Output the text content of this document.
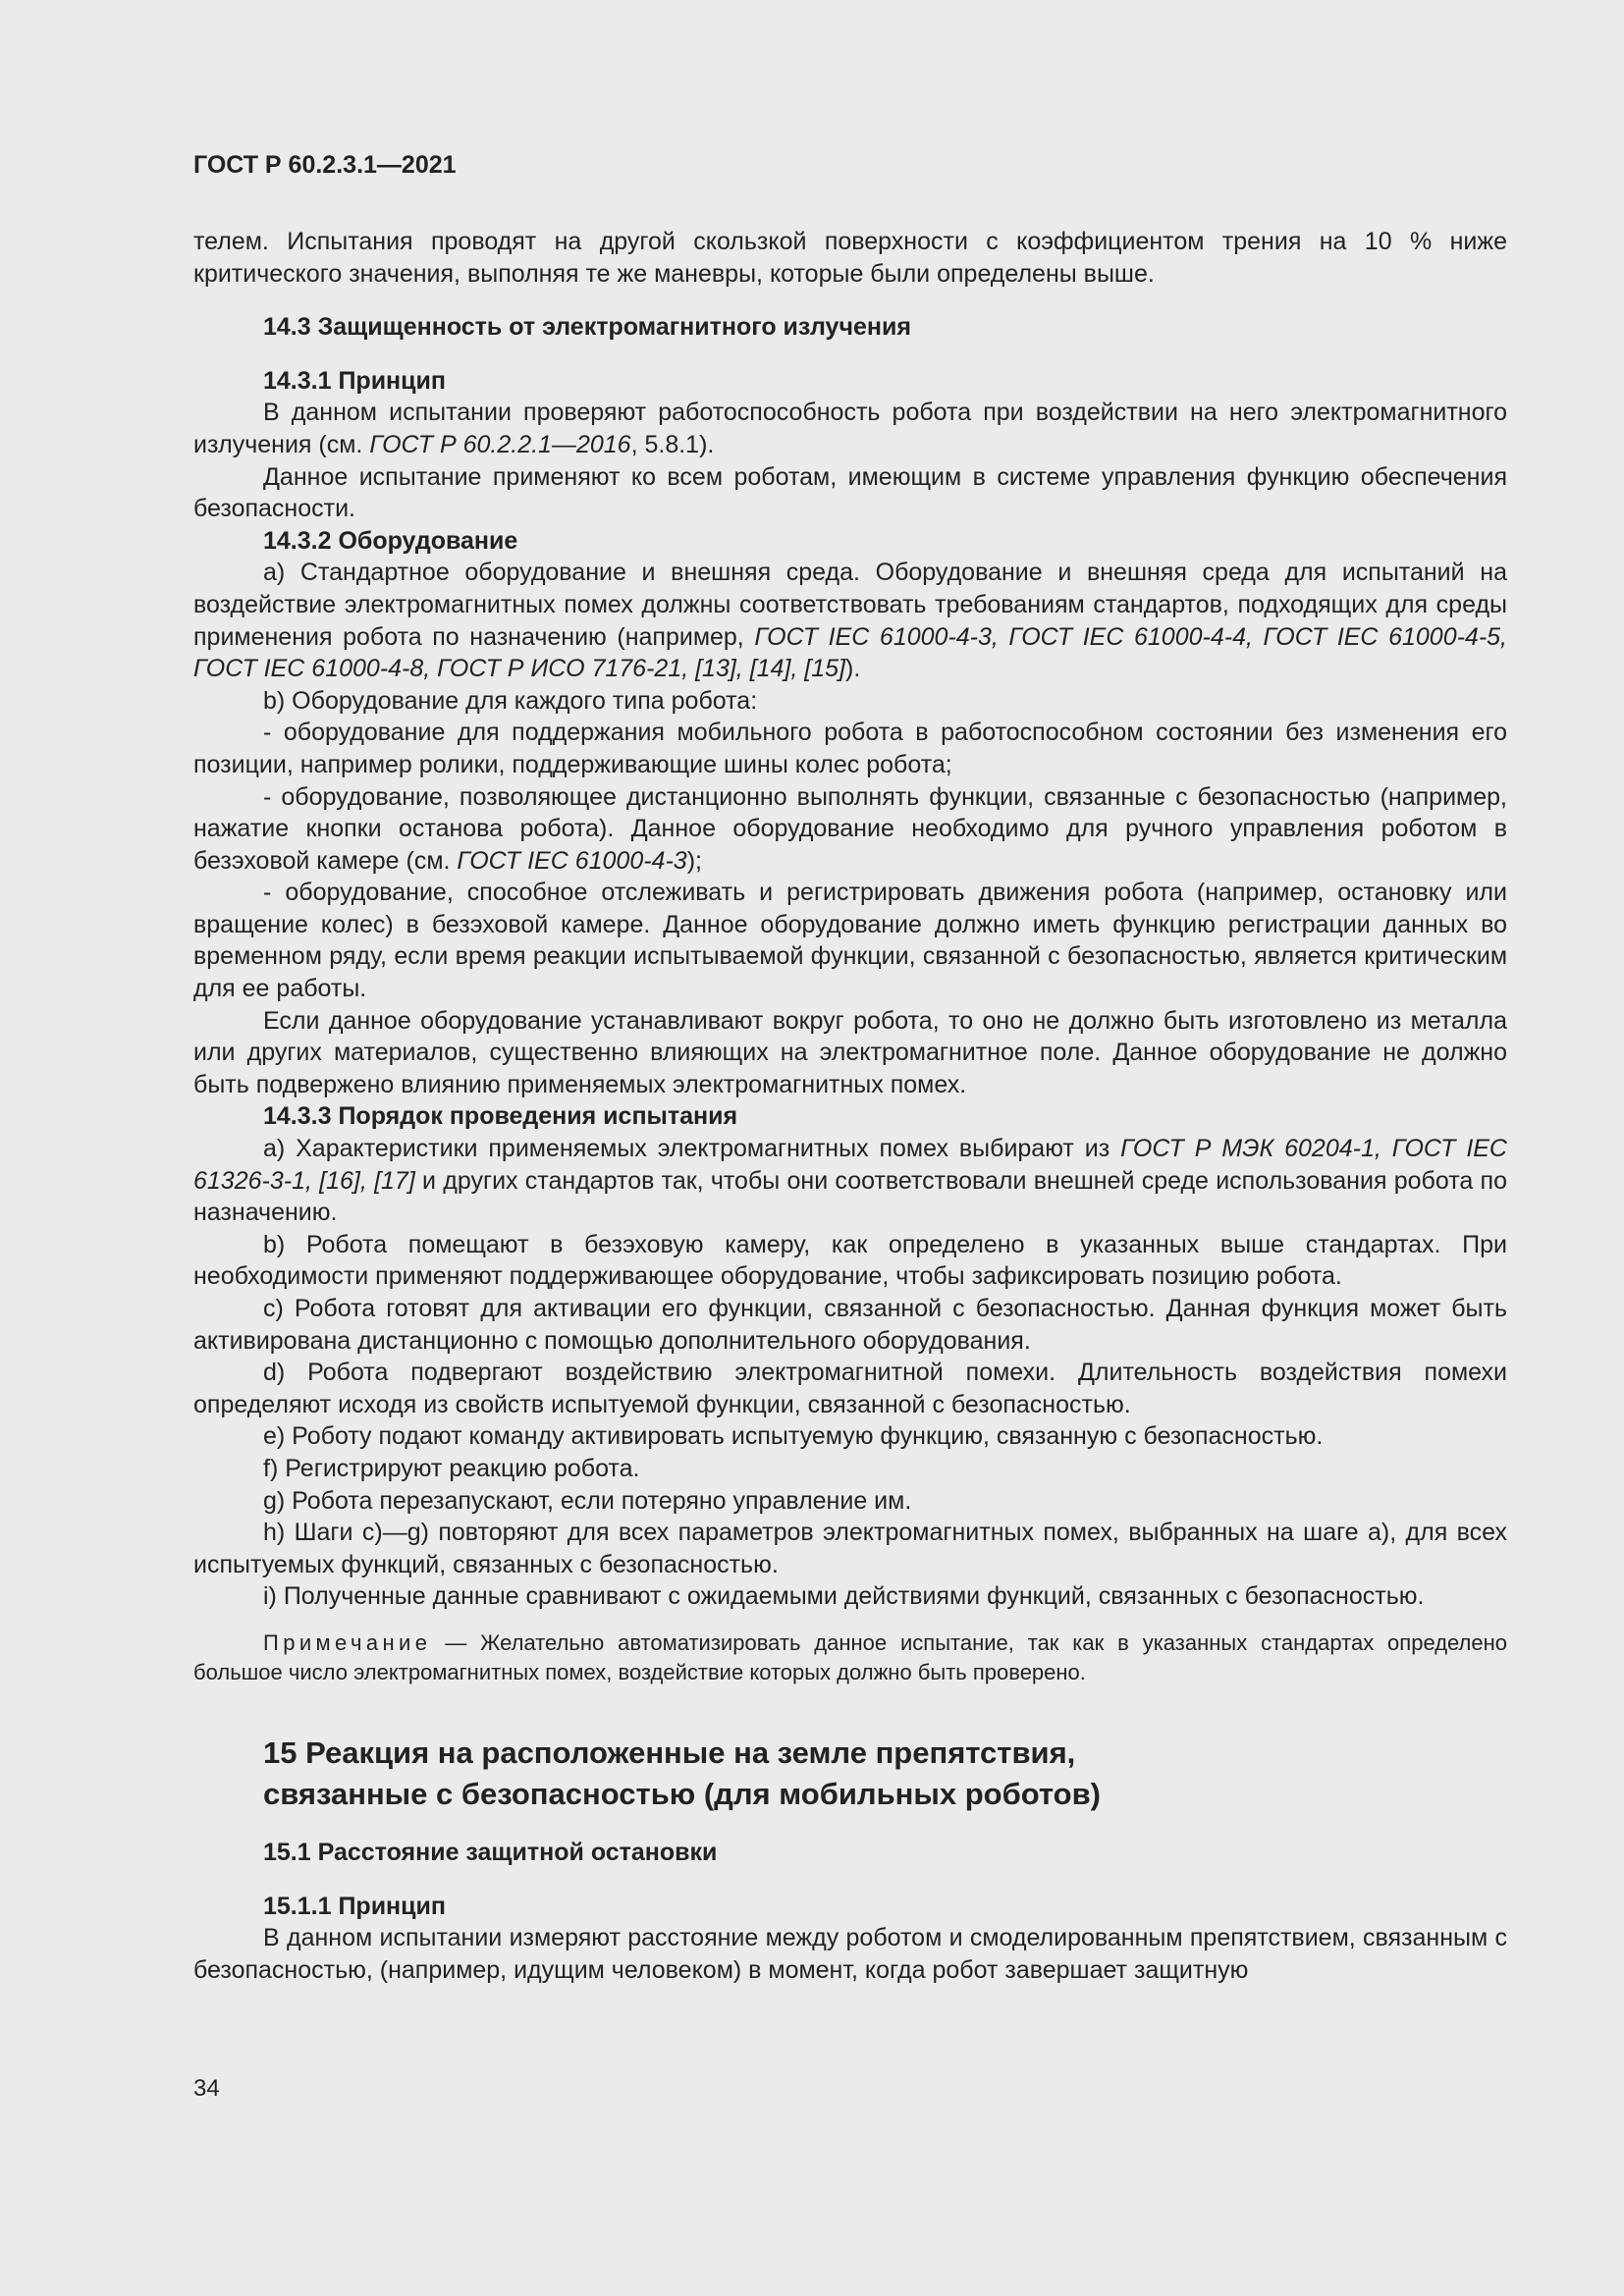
ГОСТ Р 60.2.3.1—2021

телем. Испытания проводят на другой скользкой поверхности с коэффициентом трения на 10 % ниже критического значения, выполняя те же маневры, которые были определены выше.

14.3 Защищенность от электромагнитного излучения

14.3.1 Принцип

В данном испытании проверяют работоспособность робота при воздействии на него электромагнитного излучения (см. ГОСТ Р 60.2.2.1—2016, 5.8.1).

Данное испытание применяют ко всем роботам, имеющим в системе управления функцию обеспечения безопасности.

14.3.2 Оборудование

a) Стандартное оборудование и внешняя среда. Оборудование и внешняя среда для испытаний на воздействие электромагнитных помех должны соответствовать требованиям стандартов, подходящих для среды применения робота по назначению (например, ГОСТ IEC 61000-4-3, ГОСТ IEC 61000-4-4, ГОСТ IEC 61000-4-5, ГОСТ IEC 61000-4-8, ГОСТ Р ИСО 7176-21, [13], [14], [15]).

b) Оборудование для каждого типа робота:

- оборудование для поддержания мобильного робота в работоспособном состоянии без изменения его позиции, например ролики, поддерживающие шины колес робота;

- оборудование, позволяющее дистанционно выполнять функции, связанные с безопасностью (например, нажатие кнопки останова робота). Данное оборудование необходимо для ручного управления роботом в безэховой камере (см. ГОСТ IEC 61000-4-3);

- оборудование, способное отслеживать и регистрировать движения робота (например, остановку или вращение колес) в безэховой камере. Данное оборудование должно иметь функцию регистрации данных во временном ряду, если время реакции испытываемой функции, связанной с безопасностью, является критическим для ее работы.

Если данное оборудование устанавливают вокруг робота, то оно не должно быть изготовлено из металла или других материалов, существенно влияющих на электромагнитное поле. Данное оборудование не должно быть подвержено влиянию применяемых электромагнитных помех.

14.3.3 Порядок проведения испытания

a) Характеристики применяемых электромагнитных помех выбирают из ГОСТ Р МЭК 60204-1, ГОСТ IEC 61326-3-1, [16], [17] и других стандартов так, чтобы они соответствовали внешней среде использования робота по назначению.

b) Робота помещают в безэховую камеру, как определено в указанных выше стандартах. При необходимости применяют поддерживающее оборудование, чтобы зафиксировать позицию робота.

c) Робота готовят для активации его функции, связанной с безопасностью. Данная функция может быть активирована дистанционно с помощью дополнительного оборудования.

d) Робота подвергают воздействию электромагнитной помехи. Длительность воздействия помехи определяют исходя из свойств испытуемой функции, связанной с безопасностью.

e) Роботу подают команду активировать испытуемую функцию, связанную с безопасностью.

f) Регистрируют реакцию робота.

g) Робота перезапускают, если потеряно управление им.

h) Шаги c)—g) повторяют для всех параметров электромагнитных помех, выбранных на шаге a), для всех испытуемых функций, связанных с безопасностью.

i) Полученные данные сравнивают с ожидаемыми действиями функций, связанных с безопасностью.

Примечание — Желательно автоматизировать данное испытание, так как в указанных стандартах определено большое число электромагнитных помех, воздействие которых должно быть проверено.

15 Реакция на расположенные на земле препятствия,
связанные с безопасностью (для мобильных роботов)

15.1 Расстояние защитной остановки

15.1.1 Принцип

В данном испытании измеряют расстояние между роботом и смоделированным препятствием, связанным с безопасностью, (например, идущим человеком) в момент, когда робот завершает защитную

34
